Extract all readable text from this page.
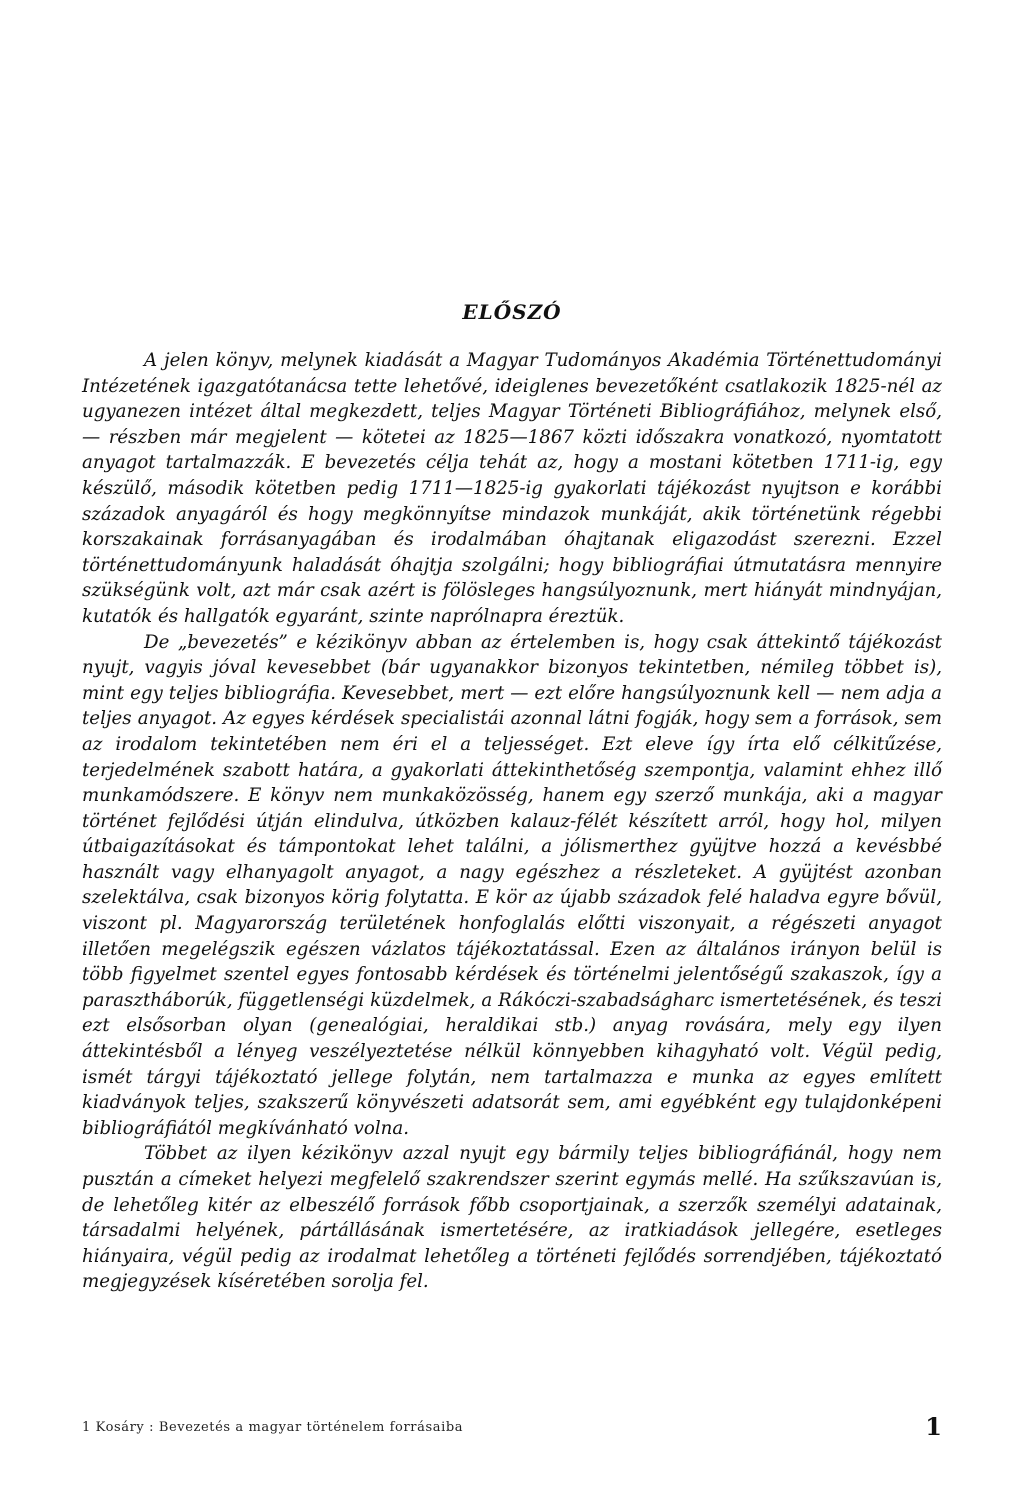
ELŐSZÓ

A jelen könyv, melynek kiadását a Magyar Tudományos Akadémia Történettudományi Intézetének igazgatótanácsa tette lehetővé, ideiglenes bevezetőként csatlakozik 1825-nél az ugyanezen intézet által megkezdett, teljes Magyar Történeti Bibliográfiához, melynek első, — részben már megjelent — kötetei az 1825—1867 közti időszakra vonatkozó, nyomtatott anyagot tartalmazzák. E bevezetés célja tehát az, hogy a mostani kötetben 1711-ig, egy készülő, második kötetben pedig 1711—1825-ig gyakorlati tájékozást nyujtson e korábbi századok anyagáról és hogy megkönnyítse mindazok munkáját, akik történetünk régebbi korszakainak forrásanyagában és irodalmában óhajtanak eligazodást szerezni. Ezzel történettudományunk haladását óhajtja szolgálni; hogy bibliográfiai útmutatásra mennyire szükségünk volt, azt már csak azért is fölösleges hangsúlyoznunk, mert hiányát mindnyájan, kutatók és hallgatók egyaránt, szinte naprólnapra éreztük.

De „bevezetés” e kézikönyv abban az értelemben is, hogy csak áttekintő tájékozást nyujt, vagyis jóval kevesebbet (bár ugyanakkor bizonyos tekintetben, némileg többet is), mint egy teljes bibliográfia. Kevesebbet, mert — ezt előre hangsúlyoznunk kell — nem adja a teljes anyagot. Az egyes kérdések specialistái azonnal látni fogják, hogy sem a források, sem az irodalom tekintetében nem éri el a teljességet. Ezt eleve így írta elő célkitűzése, terjedelmének szabott határa, a gyakorlati áttekinthetőség szempontja, valamint ehhez illő munkamódszere. E könyv nem munkaközösség, hanem egy szerző munkája, aki a magyar történet fejlődési útján elindulva, útközben kalauz-félét készített arról, hogy hol, milyen útbaigazításokat és támpontokat lehet találni, a jólismerthez gyüjtve hozzá a kevésbbé használt vagy elhanyagolt anyagot, a nagy egészhez a részleteket. A gyüjtést azonban szelektálva, csak bizonyos körig folytatta. E kör az újabb századok felé haladva egyre bővül, viszont pl. Magyarország területének honfoglalás előtti viszonyait, a régészeti anyagot illetően megelégszik egészen vázlatos tájékoztatással. Ezen az általános irányon belül is több figyelmet szentel egyes fontosabb kérdések és történelmi jelentőségű szakaszok, így a parasztháborúk, függetlenségi küzdelmek, a Rákóczi-szabadságharc ismertetésének, és teszi ezt elsősorban olyan (genealógiai, heraldikai stb.) anyag rovására, mely egy ilyen áttekintésből a lényeg veszélyeztetése nélkül könnyebben kihagyható volt. Végül pedig, ismét tárgyi tájékoztató jellege folytán, nem tartalmazza e munka az egyes említett kiadványok teljes, szakszerű könyvészeti adatsorát sem, ami egyébként egy tulajdonképeni bibliográfiától megkívánható volna.

Többet az ilyen kézikönyv azzal nyujt egy bármily teljes bibliográfiánál, hogy nem pusztán a címeket helyezi megfelelő szakrendszer szerint egymás mellé. Ha szűkszavúan is, de lehetőleg kitér az elbeszélő források főbb csoportjainak, a szerzők személyi adatainak, társadalmi helyének, pártállásának ismertetésére, az iratkiadások jellegére, esetleges hiányaira, végül pedig az irodalmat lehetőleg a történeti fejlődés sorrendjében, tájékoztató megjegyzések kíséretében sorolja fel.

1 Kosáry : Bevezetés a magyar történelem forrásaiba	1
